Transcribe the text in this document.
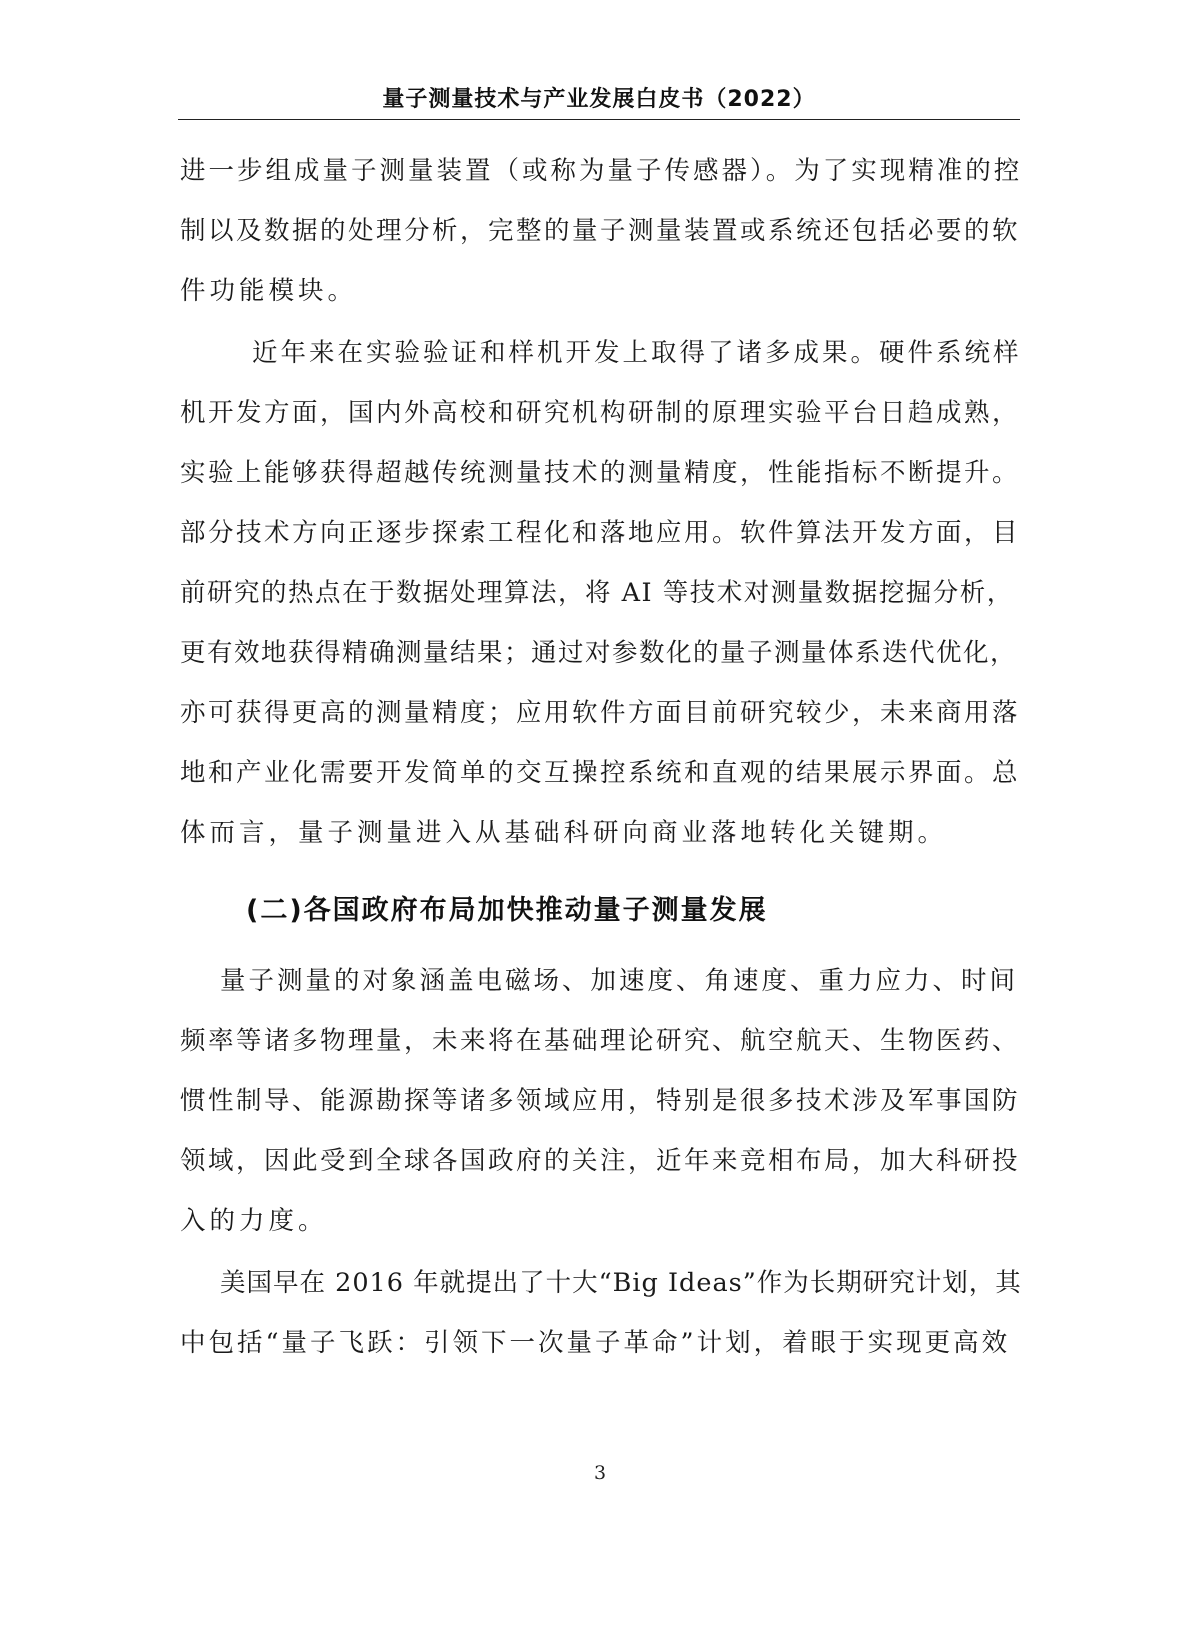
量子测量技术与产业发展白皮书（2022）
进一步组成量子测量装置（或称为量子传感器）。为了实现精准的控
制以及数据的处理分析，完整的量子测量装置或系统还包括必要的软
件功能模块。
近年来在实验验证和样机开发上取得了诸多成果。硬件系统样
机开发方面，国内外高校和研究机构研制的原理实验平台日趋成熟，
实验上能够获得超越传统测量技术的测量精度，性能指标不断提升。
部分技术方向正逐步探索工程化和落地应用。软件算法开发方面，目
前研究的热点在于数据处理算法，将 AI 等技术对测量数据挖掘分析，
更有效地获得精确测量结果；通过对参数化的量子测量体系迭代优化，
亦可获得更高的测量精度；应用软件方面目前研究较少，未来商用落
地和产业化需要开发简单的交互操控系统和直观的结果展示界面。总
体而言，量子测量进入从基础科研向商业落地转化关键期。
(二)各国政府布局加快推动量子测量发展
量子测量的对象涵盖电磁场、加速度、角速度、重力应力、时间
频率等诸多物理量，未来将在基础理论研究、航空航天、生物医药、
惯性制导、能源勘探等诸多领域应用，特别是很多技术涉及军事国防
领域，因此受到全球各国政府的关注，近年来竞相布局，加大科研投
入的力度。
美国早在 2016 年就提出了十大“Big Ideas”作为长期研究计划，其
中包括“量子飞跃：引领下一次量子革命”计划，着眼于实现更高效
3
